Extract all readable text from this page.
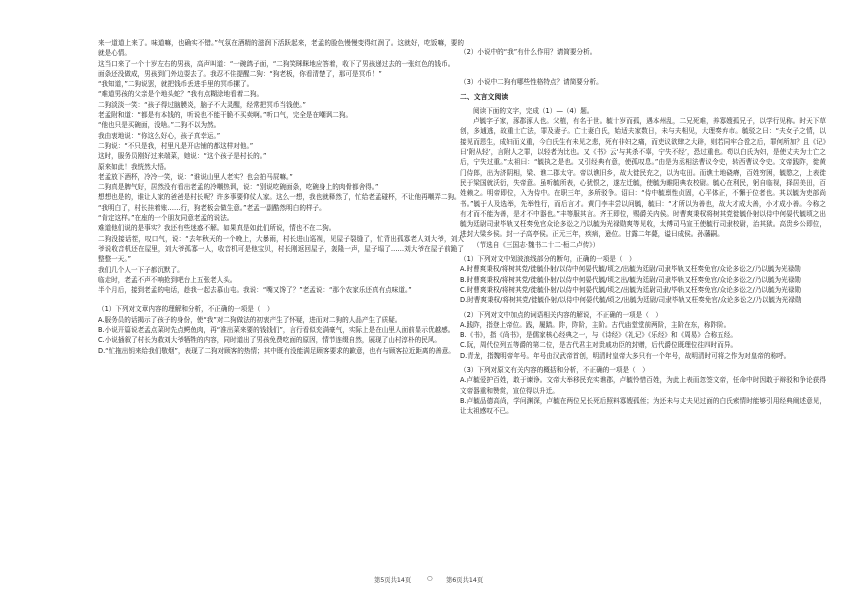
来一道道上来了。味道嘛，也确实不错。”气氛在酒精的滋润下活跃起来，老孟的脸色慢慢变得红润了。这就好，吃饭嘛，要的就是心情。

这当口来了一个十岁左右的男孩，高声叫道：“一碗鸽子面，“二狗笑眯眯地应答着，收下了男孩递过去的一张红色的钱币。

面条还没做成，男孩到门外边耍去了。我忍不住提醒二狗：“狗老板，你看清楚了，那可是冥币！”

“我知道，”二狗说罢，就把钱币丢进手里的冥币摞了。

“难道男孩的父亲是个地头蛇？”我有点糊涂地看着二狗。

二狗淡淡一笑：“孩子得过脑膜炎，脑子不大灵醒，经常把冥币当钱使。”

老孟附和道：“都是有本钱的，听说也不能干脆不买卖啊。”听口气，完全是在嘲讽二狗。

“他也只是买碗面，没啥。”二狗不以为然。

我由衷地说：“你这么好心，孩子真幸运。”

二狗说：“不只是我，村里凡是开店铺的都这样对他。”

这时，服务员刚好过来端菜，她说：“这个孩子是村长的。”

原来如此！我恍然大悟。

老孟放下酒杯，冷冷一笑，说：“谁说山里人老实？也会拍马屁嘛。”

二狗真是脾气好，居然没有看出老孟的冷嘲热讽，说：“别说吃碗面条，吃碗身上的肉骨都舍得。”

想想也是的，谁让人家的爸爸是村长呢？许多事要仰仗人家。这么一想，我也就释然了，忙给老孟碰杯，不让他再嘲弄二狗。

“我明白了，村长挂着账……行，狗老板会做生意。”老孟一副酷然明白的样子。

“肯定这样。”在座的一个朋友同意老孟的说法。

难道他们说的是事实？我还有些迷惑不解。如果真是如此们所说，情也不在二狗。

二狗没接话茬，叹口气，说：“去年秋天的一个晚上，大暴雨，村长进山巡视，见屋子裂缝了，忙背出孤寡老人刘大爷，刘大爷说收音机还在屋里，刘大爷孤寡一人，收音机可是他宝贝，村长刚返回屋子，轰隆一声，屋子塌了……刘大爷在屋子前跪了整整一天。”

我们几个人一下子都沉默了。

临走时，老孟不声不响抢到吧台上五张老人头。

半个月后，接到老孟的电话，趁我一起去慕山屯。我说：“嘴又馋了？”老孟说：“那个农家乐还真有点味道。”

（1）下列对文章内容的理解和分析，不正确的一项是（　）

A.服务员的话揭示了孩子的身份，使“我”对二狗做法的初衷产生了怀疑，进而对二狗的人品产生了质疑。

B.小说开篇说老孟点菜时先点鳄鱼肉，再“准出菜来要的钱钱们”，言行看似充满豪气，实际上是在山里人面前显示优越感。

C.小说插叙了村长为救刘大爷牺牲的内容，同时道出了男孩免费吃面的原因，情节连缀自然，展现了山村淳朴的民风。

D.“忙拖出钥来给我们敬烟”，表现了二狗对顾客的热情；其中既有没能满足顾客要求的歉意，也有与顾客拉近距离的善意。

（2）小说中的“我”有什么作用？请简要分析。

（3）小说中二狗有哪些性格特点？请简要分析。

二、文言文阅读

阅读下面的文字，完成（1）—（4）题。

卢毓字子家，涿郡涿人也。父植，有名于世。毓十岁而孤，遇本州乱，二兄死难，养寡嫂孤兄子，以学行见称。时天下草创，多逋逃，故重士亡法，罪及妻子。亡士妻白氏，始适夫家数日，未与夫相见，大理奏弃市。毓驳之曰：“夫女子之情，以接见而恩生，成妇而义重，今白氏生有未见之悲，死有非妇之痛，而吏议欲肆之大辟，则若同牢合卺之后，罪何所加？且《记》曰‘附从轻’，言附人之罪，以轻者为比也。又《书》云‘与其杀不辜，宁失不经’，恐过重也。苟以白氏为妇，是使丈夫为士亡之后，宁失过重。”太祖曰：“毓执之是也。又引经典有意，使孤叹息。”由是为丞相法曹议令史，转西曹议令史。文帝践阼，徙黄门侍郎，出为济阴相，梁、谯二郡太守。帝以谯旧乡，故大徙民充之，以为屯田。而谯土地硗瘠，百姓穷困，毓愍之，上表徙民于梁国就沃衍，失帝意。虽听毓所表，心犹恨之，遂左迁毓，使毓为睢阳典农校尉。毓心在利民，躬自临视，择居美田，百姓赖之。明帝即位，入为侍中。在职三年，多所驳争。诏曰：“侍中毓禀性贞固，心平体正，不懈于位者也。其以毓为吏部尚书。”毓于人及选举，先举性行，而后言才。黄门李丰尝以问毓，毓曰：“才所以为善也，故大才成大善，小才成小善。今称之有才而不能为善，是才不中器也。”丰等服其言。齐王即位，赐爵关内侯。时曹爽秉权将树其党徙毓仆射以侍中何晏代毓顷之出毓为廷尉司隶毕轨又枉奏免官众论多讼之乃以毓为光禄勋爽等见收，太傅司马宣王使毓行司隶校尉，治其狱。高贵乡公即位，进封大梁乡侯。封一子高亭侯。正元三年，疾病，逊位。甘露二年薨，谥曰成侯。孙藩嗣。

（节选自《三国志·魏书二十二·桓二卢传》）

（1）下列对文中划波浪线部分的断句，正确的一项是（　）

A.时曹爽秉权/将树其党/徙毓仆射/以侍中何晏代毓/顷之/出毓为廷尉/司隶毕轨又枉奏免官/众论多讼之/乃以毓为光禄勋

B.时曹爽秉权/将树其党/徙毓仆射/以侍中何晏代毓/顷之出/毓为廷尉/司隶毕轨又枉奏免官/众论多讼之/乃以毓为光禄勋

C.时曹爽秉权/将树其党/徙毓仆射/以侍中何晏代毓/顷之/出毓为廷尉司隶/毕轨又枉奏免官/众论多讼之/乃以毓为光禄勋

D.时曹爽秉权/将树其党/徙毓仆射/以侍中何晏代毓/顷之/出毓为廷尉/司隶毕轨又枉奏免官/众论多讼之/乃以毓为光禄勋

（2）下列对文中加点的词语相关内容的解说，不正确的一项是（　）

A.践阼，指登上帝位。践，履踏。阼，阼阶，主阶。古代庙堂堂前两阶，主阶在东，称阼阶。

B.《书》，指《尚书》，是儒家核心经典之一，与《诗经》《礼记》《乐经》和《周易》合称五经。

C.阮，周代位列五等爵的第二位，是古代君主对贵戚功臣的封赠，后代爵位既理位往四时而异。

D.青龙，指魏明帝年号。年号由汉武帝首创，明清时皇帝大多只有一个年号，故明清时可将之作为对皇帝的称呼。

（3）下列对原文有关内容的概括和分析，不正确的一项是（　）

A.卢毓爱护百姓，敢于谏诤。文帝大举移民充实谯郡，卢毓怜惜百姓，为此上表而忽签文帝，任命中时因敢于辩驳和争论获得文帝器重和赞赏，宣位得以升迁。

B.卢毓品德高尚，学问渊深，卢毓在两位兄长死后照料寡嫂孤侄；为还未与丈夫见过面的白氏索情时能够引用经典阐述意见，让太祖感叹不已。

第5页共14页	○ 第6页共14页
